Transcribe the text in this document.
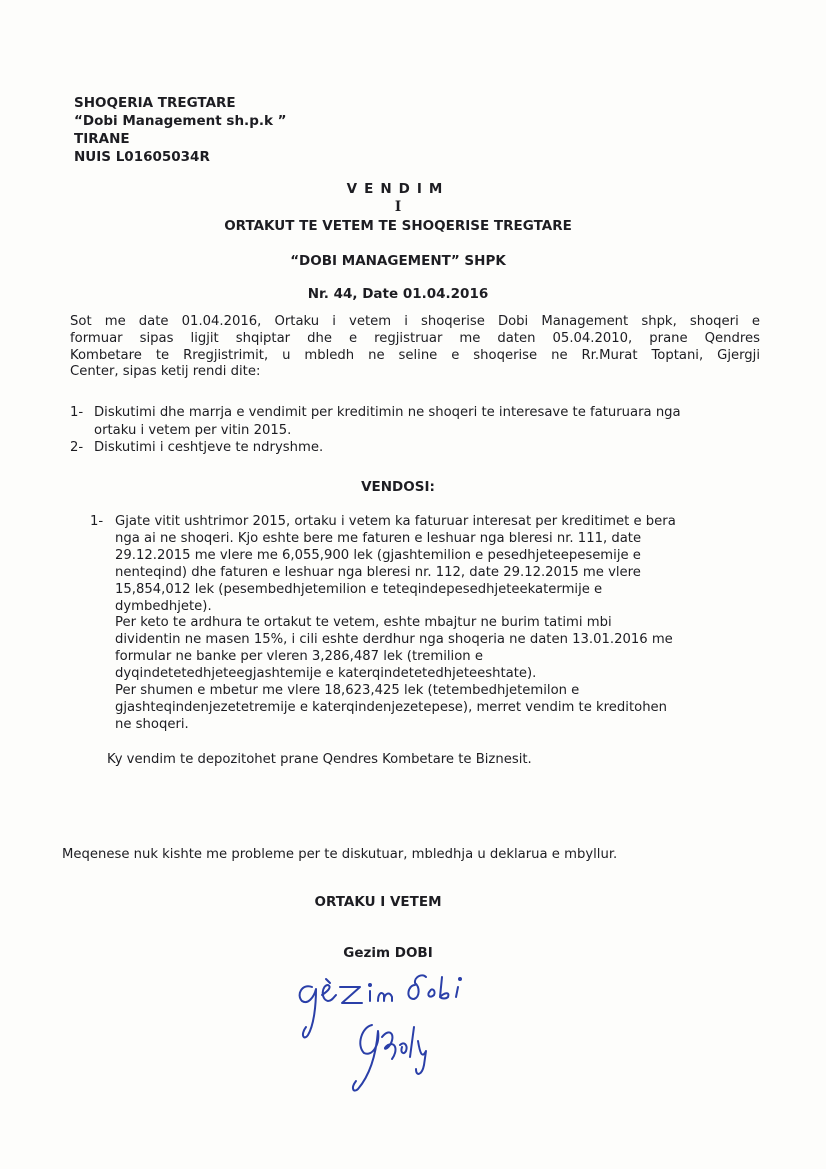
SHOQERIA TREGTARE
“Dobi Management sh.p.k ”
TIRANE
NUIS L01605034R
VENDIM
I
ORTAKUT TE VETEM TE SHOQERISE TREGTARE
“DOBI MANAGEMENT” SHPK
Nr. 44, Date 01.04.2016
Sot me date 01.04.2016, Ortaku i vetem i shoqerise Dobi Management shpk, shoqeri e
formuar sipas ligjit shqiptar dhe e regjistruar me daten 05.04.2010, prane Qendres
Kombetare te Rregjistrimit, u mbledh ne seline e shoqerise ne Rr.Murat Toptani, Gjergji
Center, sipas ketij rendi dite:
1- Diskutimi dhe marrja e vendimit per kreditimin ne shoqeri te interesave te faturuara nga
ortaku i vetem per vitin 2015.
2- Diskutimi i ceshtjeve te ndryshme.
VENDOSI:
1- Gjate vitit ushtrimor 2015, ortaku i vetem ka faturuar interesat per kreditimet e bera
nga ai ne shoqeri. Kjo eshte bere me faturen e leshuar nga bleresi nr. 111, date
29.12.2015 me vlere me 6,055,900 lek (gjashtemilion e pesedhjeteepesemije e
nenteqind) dhe faturen e leshuar nga bleresi nr. 112, date 29.12.2015 me vlere
15,854,012 lek (pesembedhjetemilion e teteqindepesedhjeteekatermije e
dymbedhjete).
Per keto te ardhura te ortakut te vetem, eshte mbajtur ne burim tatimi mbi
dividentin ne masen 15%, i cili eshte derdhur nga shoqeria ne daten 13.01.2016 me
formular ne banke per vleren 3,286,487 lek (tremilion e
dyqindetetedhjeteegjashtemije e katerqindetetedhjeteeshtate).
Per shumen e mbetur me vlere 18,623,425 lek (tetembedhjetemilon e
gjashteqindenjezetetremije e katerqindenjezetepese), merret vendim te kreditohen
ne shoqeri.
Ky vendim te depozitohet prane Qendres Kombetare te Biznesit.
Meqenese nuk kishte me probleme per te diskutuar, mbledhja u deklarua e mbyllur.
ORTAKU I VETEM
Gezim DOBI
